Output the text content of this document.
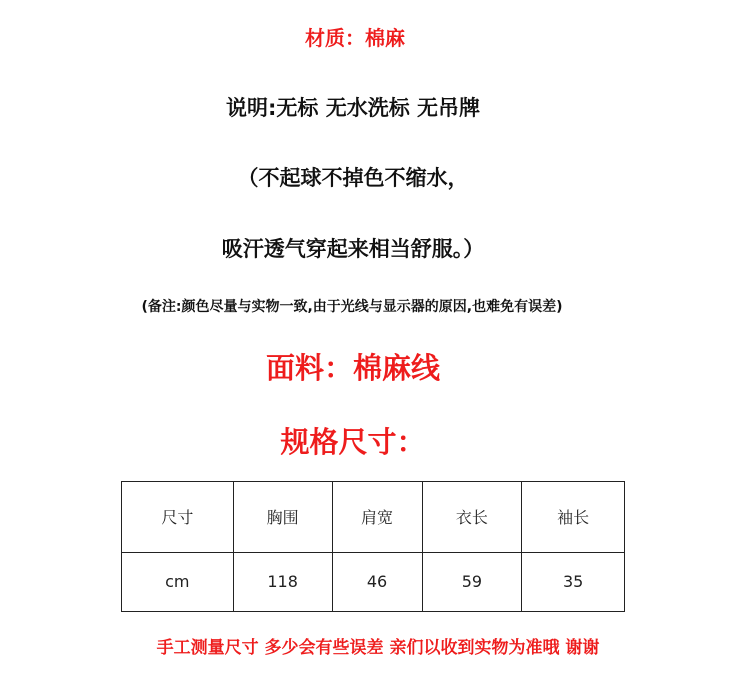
材质：棉麻
说明:无标 无水洗标 无吊牌
（不起球不掉色不缩水，
吸汗透气穿起来相当舒服。）
(备注:颜色尽量与实物一致,由于光线与显示器的原因,也难免有误差)
面料：棉麻线
规格尺寸：
尺寸	胸围	肩宽	衣长	袖长
cm	118	46	59	35
手工测量尺寸 多少会有些误差 亲们以收到实物为准哦 谢谢
